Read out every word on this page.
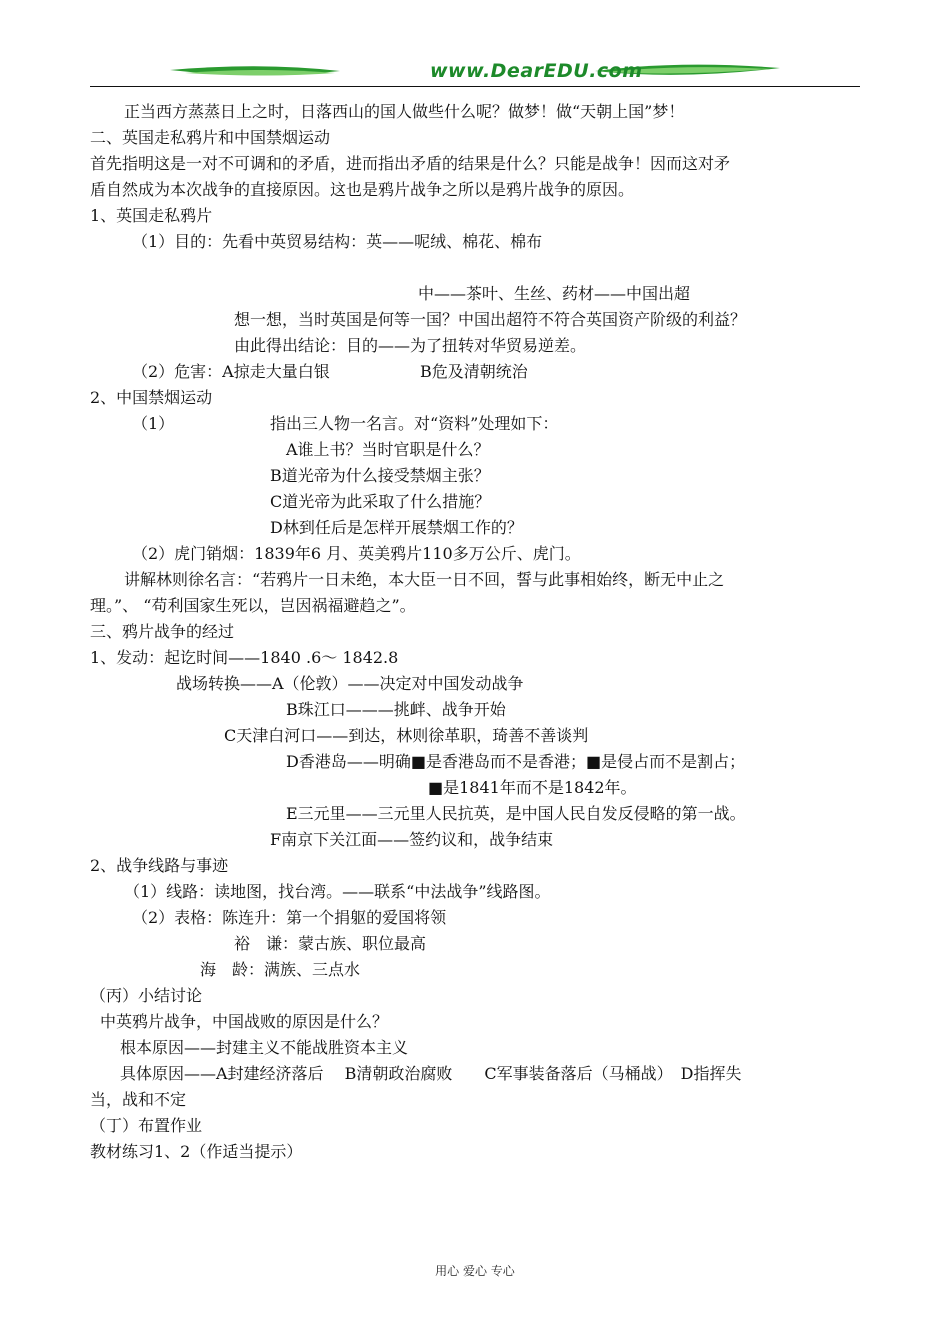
www.DearEDU.com
正当西方蒸蒸日上之时，日落西山的国人做些什么呢？做梦！做“天朝上国”梦！
二、英国走私鸦片和中国禁烟运动
首先指明这是一对不可调和的矛盾，进而指出矛盾的结果是什么？只能是战争！因而这对矛
盾自然成为本次战争的直接原因。这也是鸦片战争之所以是鸦片战争的原因。
1、英国走私鸦片
（1）目的：先看中英贸易结构：英——呢绒、棉花、棉布
中——茶叶、生丝、药材——中国出超
想一想，当时英国是何等一国？中国出超符不符合英国资产阶级的利益？
由此得出结论：目的——为了扭转对华贸易逆差。
（2）危害：A掠走大量白银	B危及清朝统治
2、中国禁烟运动
（1）	指出三人物一名言。对“资料”处理如下：
A谁上书？当时官职是什么？
B道光帝为什么接受禁烟主张？
C道光帝为此采取了什么措施？
D林到任后是怎样开展禁烟工作的？
（2）虎门销烟：1839年6 月、英美鸦片110多万公斤、虎门。
讲解林则徐名言：“若鸦片一日未绝，本大臣一日不回，誓与此事相始终，断无中止之
理。”、 “苟利国家生死以，岂因祸福避趋之”。
三、鸦片战争的经过
1、发动：起讫时间——1840 .6～ 1842.8
战场转换——A（伦敦）——决定对中国发动战争
B珠江口———挑衅、战争开始
C天津白河口——到达，林则徐革职，琦善不善谈判
D香港岛——明确■是香港岛而不是香港；■是侵占而不是割占；
■是1841年而不是1842年。
E三元里——三元里人民抗英，是中国人民自发反侵略的第一战。
F南京下关江面——签约议和，战争结束
2、战争线路与事迹
（1）线路：读地图，找台湾。——联系“中法战争”线路图。
（2）表格：陈连升：第一个捐躯的爱国将领
裕　谦：蒙古族、职位最高
海　龄：满族、三点水
（丙）小结讨论
中英鸦片战争，中国战败的原因是什么？
根本原因——封建主义不能战胜资本主义
具体原因——A封建经济落后　 B清朝政治腐败　　C军事装备落后（马桶战）　D指挥失
当，战和不定
（丁）布置作业
教材练习1、2（作适当提示）
用心 爱心 专心
